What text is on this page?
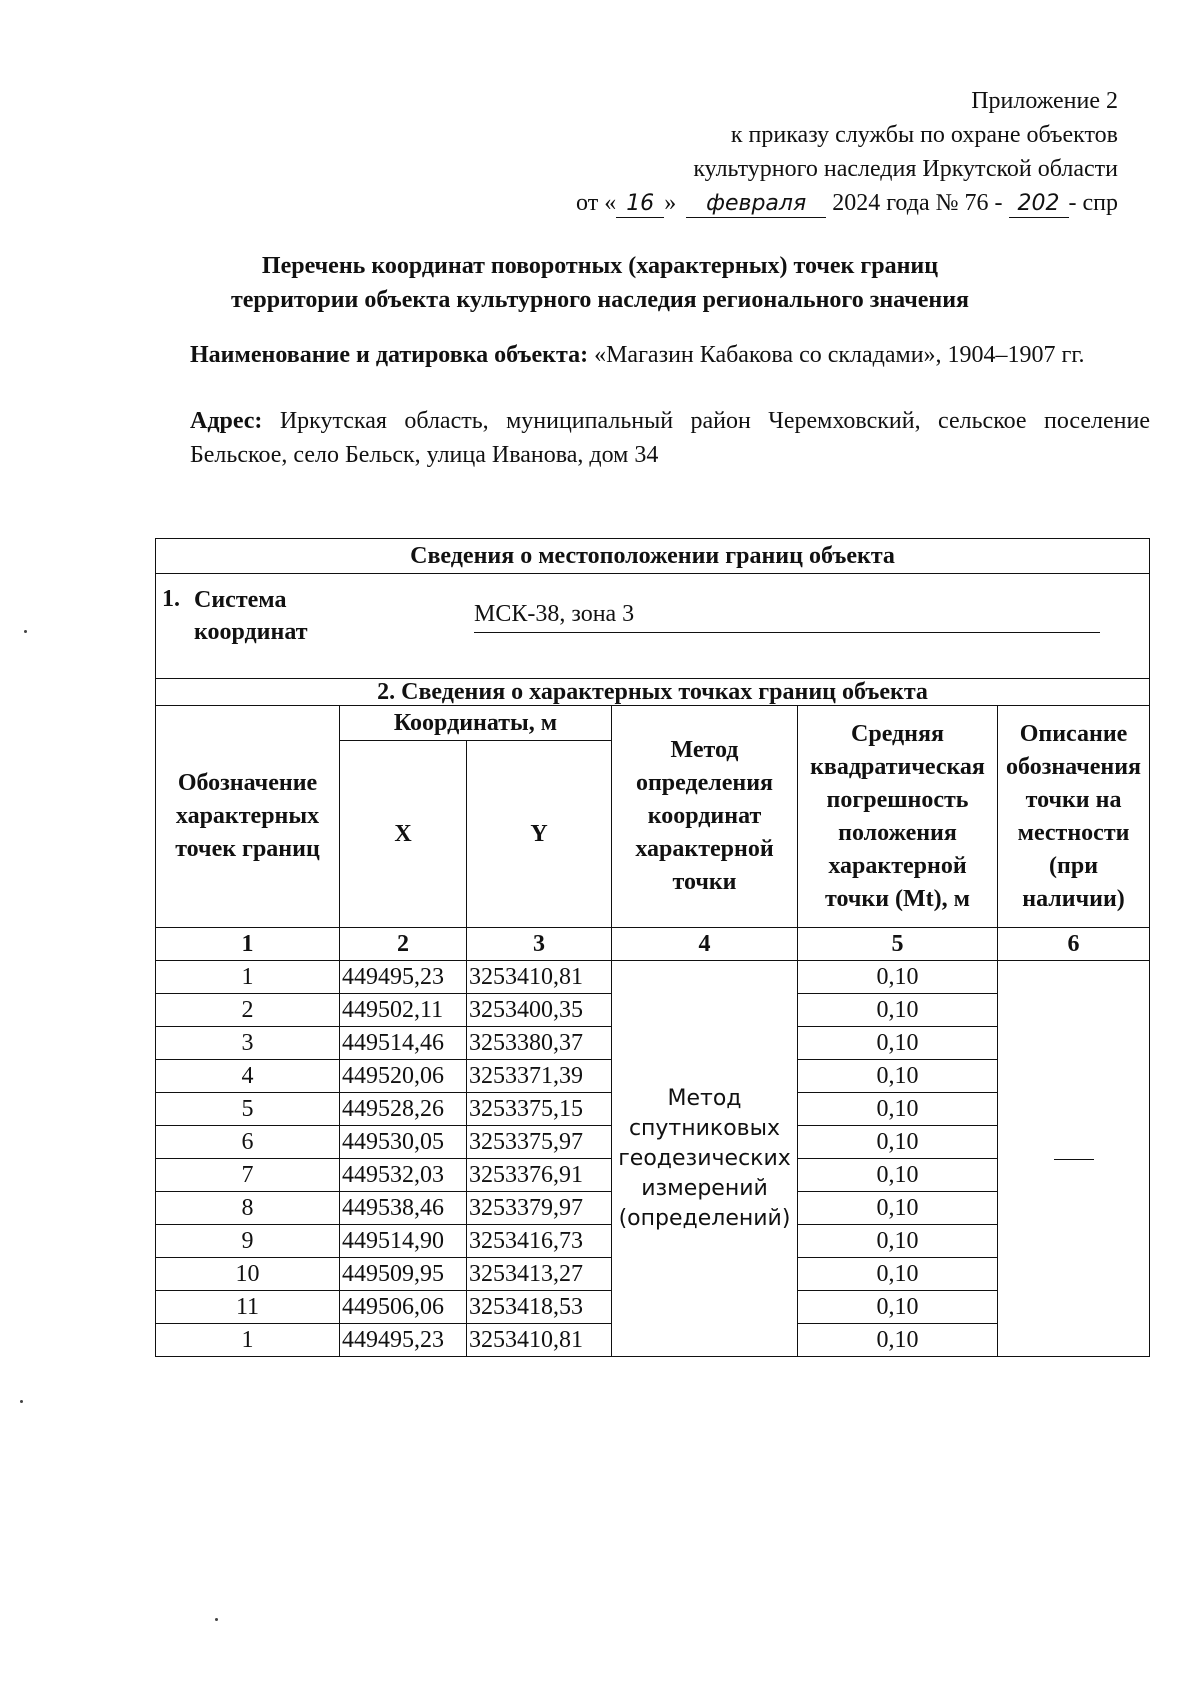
Приложение 2
к приказу службы по охране объектов
культурного наследия Иркутской области
от « 16 » февраля 2024 года № 76 - 202 - спр
Перечень координат поворотных (характерных) точек границ
территории объекта культурного наследия регионального значения
Наименование и датировка объекта: «Магазин Кабакова со складами», 1904–1907 гг.
Адрес: Иркутская область, муниципальный район Черемховский, сельское поселение Бельское, село Бельск, улица Иванова, дом 34
Сведения о местоположении границ объекта					

1. Система
координат
МСК-38, зона 3					

2. Сведения о характерных точках границ объекта					
Обозначение характерных точек границ	Координаты, м		Метод определения координат характерной точки	Средняя квадратическая погрешность положения характерной точки (Mt), м	Описание обозначения точки на местности (при наличии)
	X	Y			
1	2	3	4	5	6
1	449495,23	3253410,81	Метод спутниковых геодезических измерений (определений)	0,10	
2	449502,11	3253400,35		0,10	
3	449514,46	3253380,37		0,10	
4	449520,06	3253371,39		0,10	
5	449528,26	3253375,15		0,10	
6	449530,05	3253375,97		0,10	
7	449532,03	3253376,91		0,10	
8	449538,46	3253379,97		0,10	
9	449514,90	3253416,73		0,10	
10	449509,95	3253413,27		0,10	
11	449506,06	3253418,53		0,10	
1	449495,23	3253410,81		0,10	
